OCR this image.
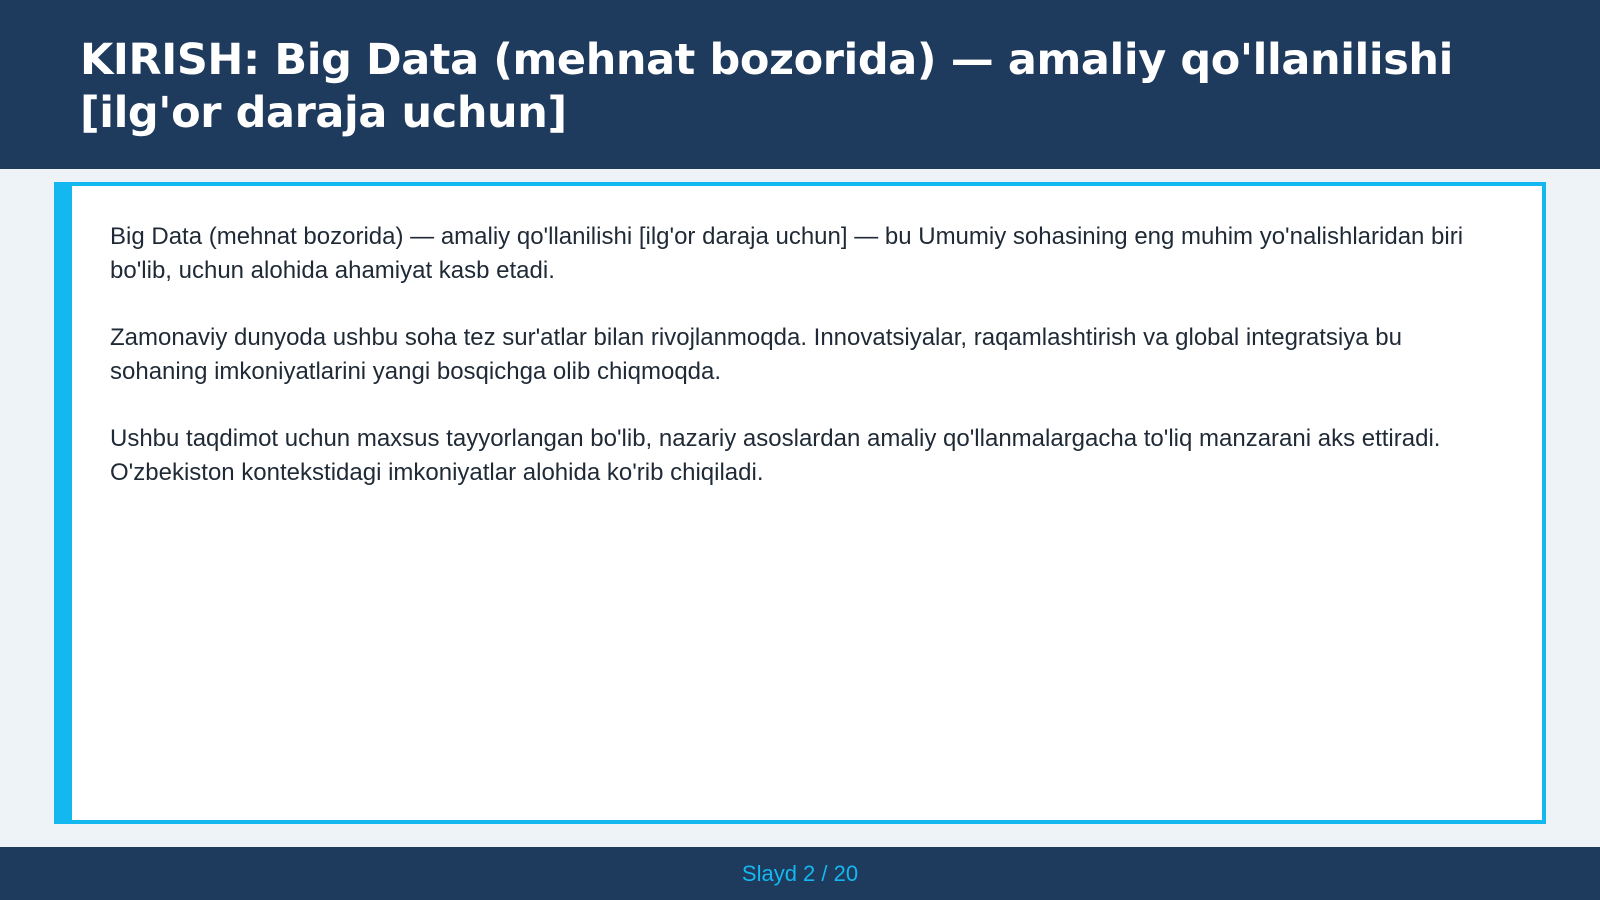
KIRISH: Big Data (mehnat bozorida) — amaliy qo'llanilishi [ilg'or daraja uchun]

Big Data (mehnat bozorida) — amaliy qo'llanilishi [ilg'or daraja uchun] — bu Umumiy sohasining eng muhim yo'nalishlaridan biri bo'lib, uchun alohida ahamiyat kasb etadi.

Zamonaviy dunyoda ushbu soha tez sur'atlar bilan rivojlanmoqda. Innovatsiyalar, raqamlashtirish va global integratsiya bu sohaning imkoniyatlarini yangi bosqichga olib chiqmoqda.

Ushbu taqdimot uchun maxsus tayyorlangan bo'lib, nazariy asoslardan amaliy qo'llanmalargacha to'liq manzarani aks ettiradi. O'zbekiston kontekstidagi imkoniyatlar alohida ko'rib chiqiladi.

Slayd 2 / 20
